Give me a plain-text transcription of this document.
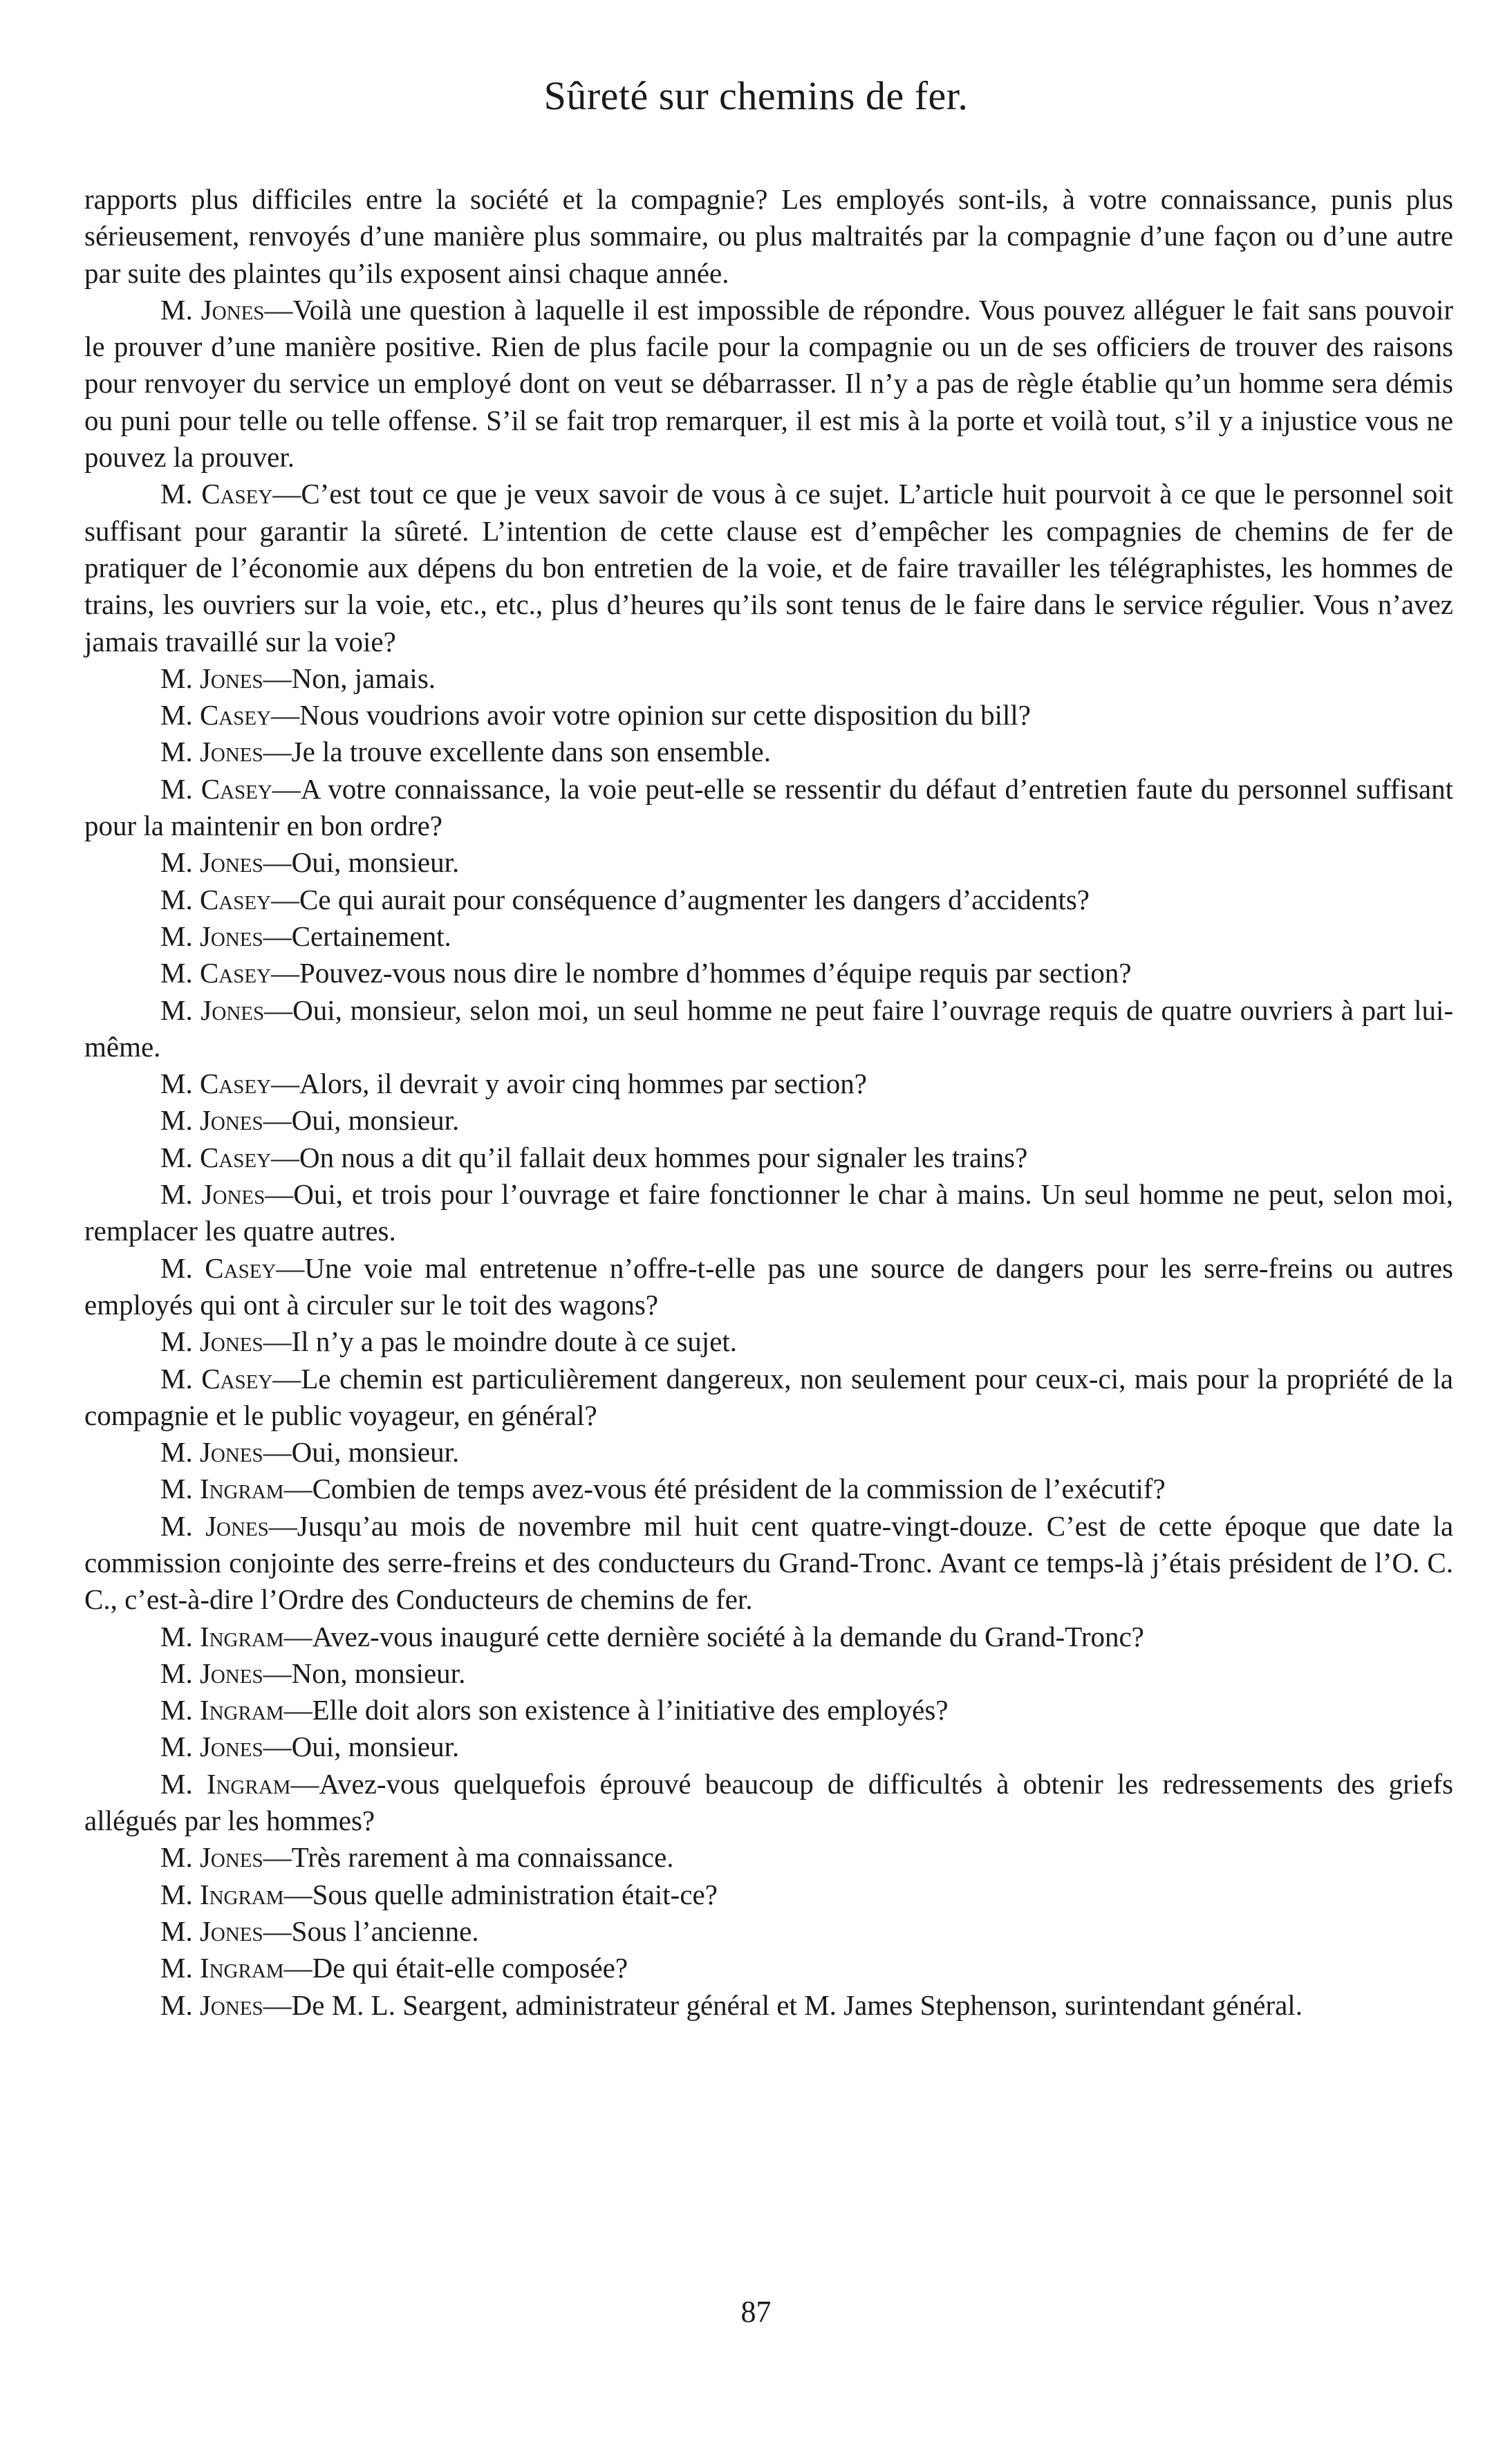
Sûreté sur chemins de fer.

rapports plus difficiles entre la société et la compagnie? Les employés sont-ils, à votre connaissance, punis plus sérieusement, renvoyés d’une manière plus sommaire, ou plus maltraités par la compagnie d’une façon ou d’une autre par suite des plaintes qu’ils exposent ainsi chaque année.

M. Jones—Voilà une question à laquelle il est impossible de répondre. Vous pouvez alléguer le fait sans pouvoir le prouver d’une manière positive. Rien de plus facile pour la compagnie ou un de ses officiers de trouver des raisons pour renvoyer du service un employé dont on veut se débarrasser. Il n’y a pas de règle établie qu’un homme sera démis ou puni pour telle ou telle offense. S’il se fait trop remarquer, il est mis à la porte et voilà tout, s’il y a injustice vous ne pouvez la prouver.

M. Casey—C’est tout ce que je veux savoir de vous à ce sujet. L’article huit pourvoit à ce que le personnel soit suffisant pour garantir la sûreté. L’intention de cette clause est d’empêcher les compagnies de chemins de fer de pratiquer de l’économie aux dépens du bon entretien de la voie, et de faire travailler les télégraphistes, les hommes de trains, les ouvriers sur la voie, etc., etc., plus d’heures qu’ils sont tenus de le faire dans le service régulier. Vous n’avez jamais travaillé sur la voie?

M. Jones—Non, jamais.

M. Casey—Nous voudrions avoir votre opinion sur cette disposition du bill?

M. Jones—Je la trouve excellente dans son ensemble.

M. Casey—A votre connaissance, la voie peut-elle se ressentir du défaut d’entretien faute du personnel suffisant pour la maintenir en bon ordre?

M. Jones—Oui, monsieur.

M. Casey—Ce qui aurait pour conséquence d’augmenter les dangers d’accidents?

M. Jones—Certainement.

M. Casey—Pouvez-vous nous dire le nombre d’hommes d’équipe requis par section?

M. Jones—Oui, monsieur, selon moi, un seul homme ne peut faire l’ouvrage requis de quatre ouvriers à part lui-même.

M. Casey—Alors, il devrait y avoir cinq hommes par section?

M. Jones—Oui, monsieur.

M. Casey—On nous a dit qu’il fallait deux hommes pour signaler les trains?

M. Jones—Oui, et trois pour l’ouvrage et faire fonctionner le char à mains. Un seul homme ne peut, selon moi, remplacer les quatre autres.

M. Casey—Une voie mal entretenue n’offre-t-elle pas une source de dangers pour les serre-freins ou autres employés qui ont à circuler sur le toit des wagons?

M. Jones—Il n’y a pas le moindre doute à ce sujet.

M. Casey—Le chemin est particulièrement dangereux, non seulement pour ceux-ci, mais pour la propriété de la compagnie et le public voyageur, en général?

M. Jones—Oui, monsieur.

M. Ingram—Combien de temps avez-vous été président de la commission de l’exécutif?

M. Jones—Jusqu’au mois de novembre mil huit cent quatre-vingt-douze. C’est de cette époque que date la commission conjointe des serre-freins et des conducteurs du Grand-Tronc. Avant ce temps-là j’étais président de l’O. C. C., c’est-à-dire l’Ordre des Conducteurs de chemins de fer.

M. Ingram—Avez-vous inauguré cette dernière société à la demande du Grand-Tronc?

M. Jones—Non, monsieur.

M. Ingram—Elle doit alors son existence à l’initiative des employés?

M. Jones—Oui, monsieur.

M. Ingram—Avez-vous quelquefois éprouvé beaucoup de difficultés à obtenir les redressements des griefs allégués par les hommes?

M. Jones—Très rarement à ma connaissance.

M. Ingram—Sous quelle administration était-ce?

M. Jones—Sous l’ancienne.

M. Ingram—De qui était-elle composée?

M. Jones—De M. L. Seargent, administrateur général et M. James Stephenson, surintendant général.

87
